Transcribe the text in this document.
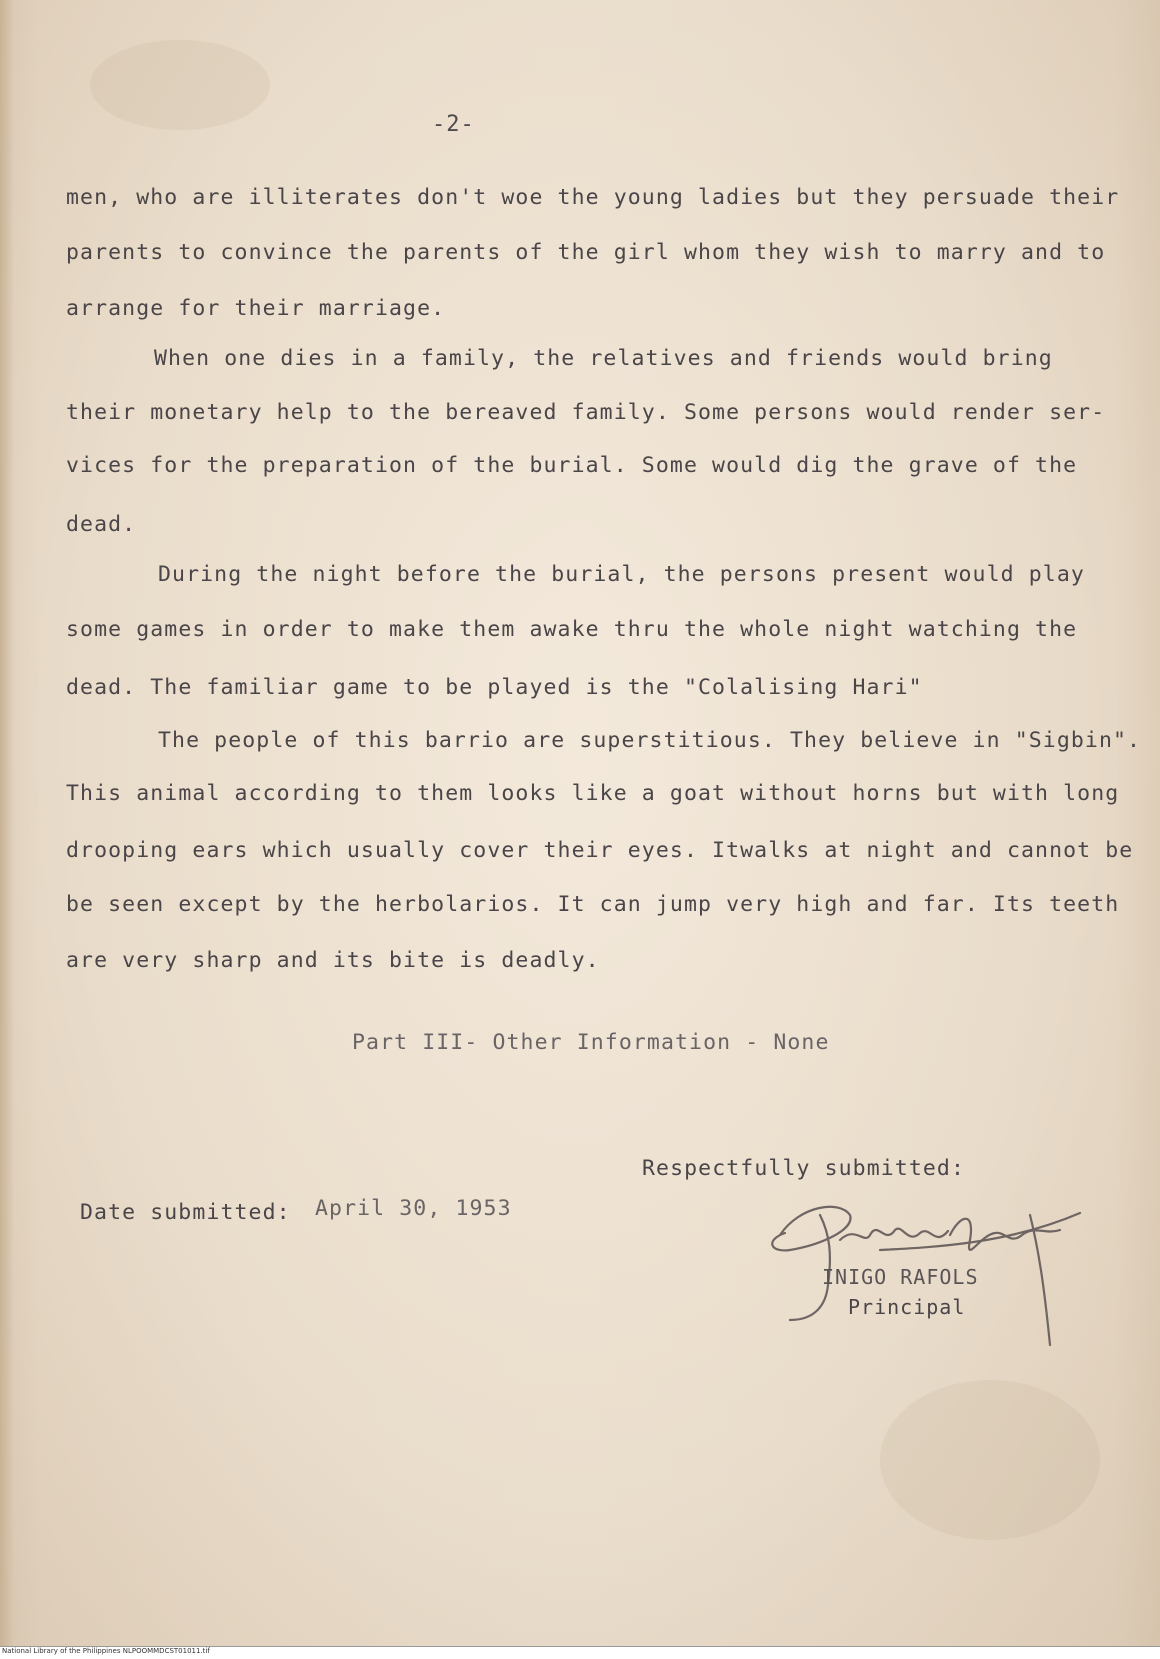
-2-
men, who are illiterates don't woe the young ladies but they persuade their
parents to convince the parents of the girl whom they wish to marry and to
arrange for their marriage.
When one dies in a family, the relatives and friends would bring
their monetary help to the bereaved family. Some persons would render ser-
vices for the preparation of the burial. Some would dig the grave of the
dead.
During the night before the burial, the persons present would play
some games in order to make them awake thru the whole night watching the
dead. The familiar game to be played is the "Colalising Hari"
The people of this barrio are superstitious. They believe in "Sigbin".
This animal according to them looks like a goat without horns but with long
drooping ears which usually cover their eyes. Itwalks at night and cannot be
be seen except by the herbolarios. It can jump very high and far. Its teeth
are very sharp and its bite is deadly.
Part III- Other Information - None
Respectfully submitted:
Date submitted: April 30, 1953
INIGO RAFOLS
Principal
National Library of the Philippines NLPOOMMDCST01011.tif
